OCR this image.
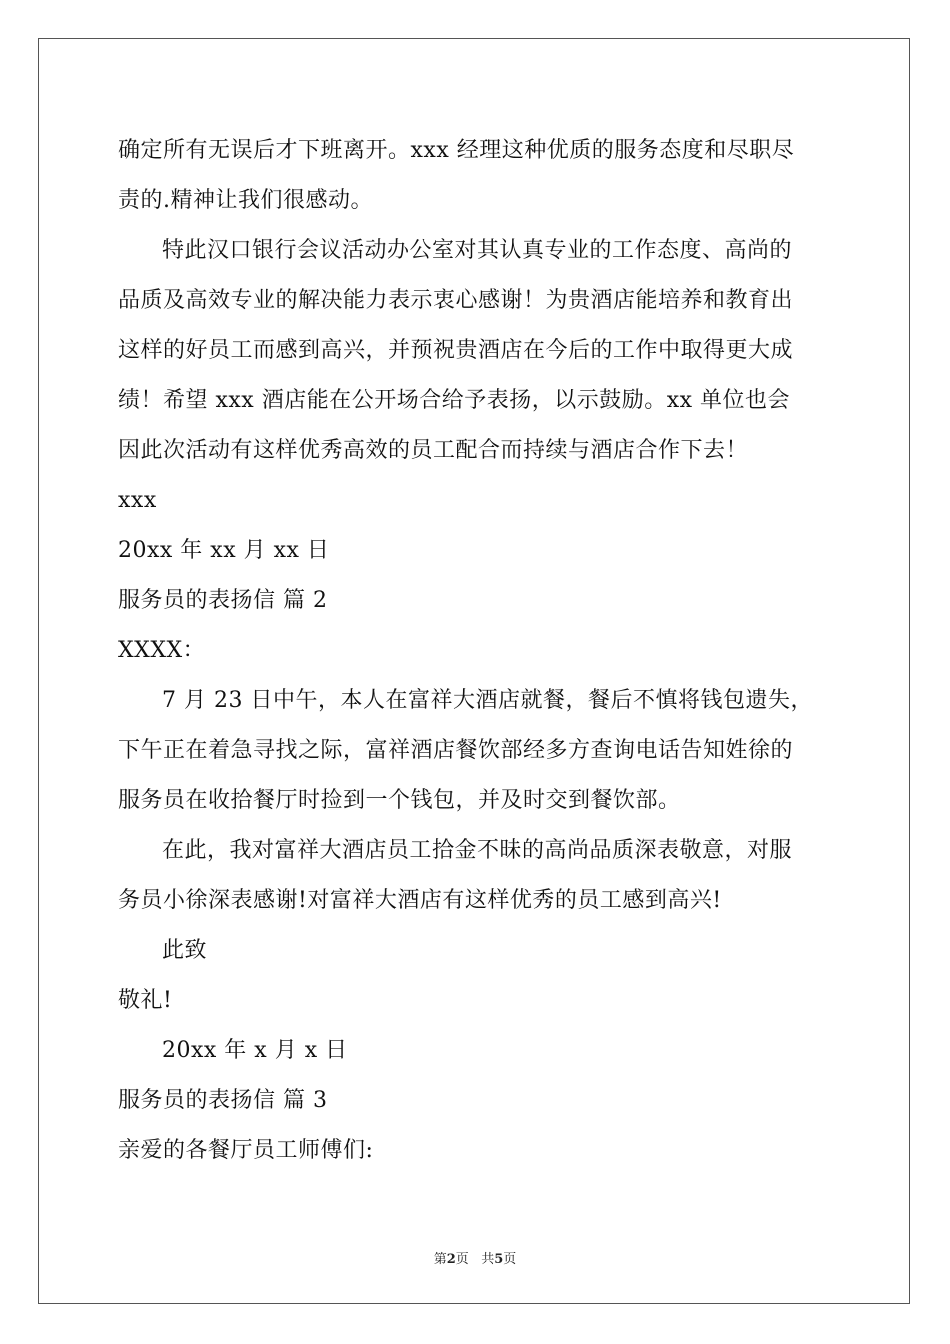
确定所有无误后才下班离开。xxx 经理这种优质的服务态度和尽职尽
责的.精神让我们很感动。
特此汉口银行会议活动办公室对其认真专业的工作态度、高尚的
品质及高效专业的解决能力表示衷心感谢！为贵酒店能培养和教育出
这样的好员工而感到高兴，并预祝贵酒店在今后的工作中取得更大成
绩！希望 xxx 酒店能在公开场合给予表扬，以示鼓励。xx 单位也会
因此次活动有这样优秀高效的员工配合而持续与酒店合作下去！
xxx
20xx 年 xx 月 xx 日
服务员的表扬信 篇 2
XXXX：
7 月 23 日中午，本人在富祥大酒店就餐，餐后不慎将钱包遗失，
下午正在着急寻找之际，富祥酒店餐饮部经多方查询电话告知姓徐的
服务员在收拾餐厅时捡到一个钱包，并及时交到餐饮部。
在此，我对富祥大酒店员工拾金不昧的高尚品质深表敬意，对服
务员小徐深表感谢!对富祥大酒店有这样优秀的员工感到高兴!
此致
敬礼!
20xx 年 x 月 x 日
服务员的表扬信 篇 3
亲爱的各餐厅员工师傅们:
第2页 共5页
